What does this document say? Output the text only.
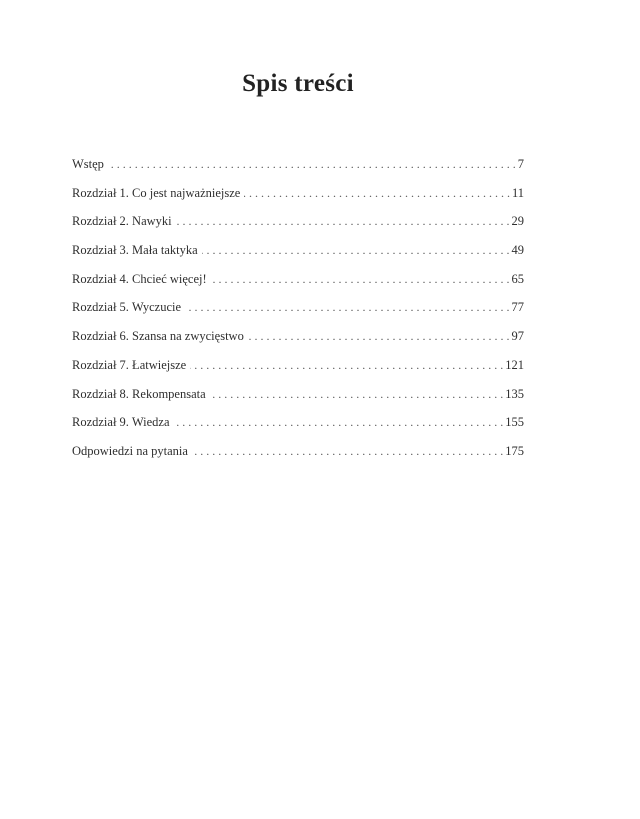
Spis treści
Wstęp . . .	7
Rozdział 1. Co jest najważniejsze . . .	11
Rozdział 2. Nawyki . . .	29
Rozdział 3. Mała taktyka . . .	49
Rozdział 4. Chcieć więcej! . . .	65
Rozdział 5. Wyczucie . . .	77
Rozdział 6. Szansa na zwycięstwo . . .	97
Rozdział 7. Łatwiejsze . . .	121
Rozdział 8. Rekompensata . . .	135
Rozdział 9. Wiedza . . .	155
Odpowiedzi na pytania . . .	175
